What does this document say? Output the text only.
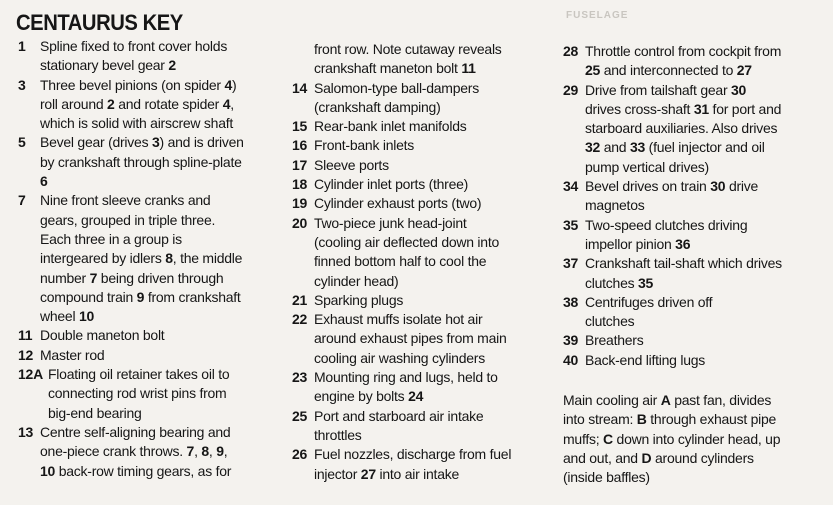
FUSELAGE
CENTAURUS KEY
1 Spline fixed to front cover holds
stationary bevel gear 2
3 Three bevel pinions (on spider 4)
roll around 2 and rotate spider 4,
which is solid with airscrew shaft
5 Bevel gear (drives 3) and is driven
by crankshaft through spline-plate
6
7 Nine front sleeve cranks and
gears, grouped in triple three.
Each three in a group is
intergeared by idlers 8, the middle
number 7 being driven through
compound train 9 from crankshaft
wheel 10
11 Double maneton bolt
12 Master rod
12A Floating oil retainer takes oil to
connecting rod wrist pins from
big-end bearing
13 Centre self-aligning bearing and
one-piece crank throws. 7, 8, 9,
10 back-row timing gears, as for
front row. Note cutaway reveals
crankshaft maneton bolt 11
14 Salomon-type ball-dampers
(crankshaft damping)
15 Rear-bank inlet manifolds
16 Front-bank inlets
17 Sleeve ports
18 Cylinder inlet ports (three)
19 Cylinder exhaust ports (two)
20 Two-piece junk head-joint
(cooling air deflected down into
finned bottom half to cool the
cylinder head)
21 Sparking plugs
22 Exhaust muffs isolate hot air
around exhaust pipes from main
cooling air washing cylinders
23 Mounting ring and lugs, held to
engine by bolts 24
25 Port and starboard air intake
throttles
26 Fuel nozzles, discharge from fuel
injector 27 into air intake
28 Throttle control from cockpit from
25 and interconnected to 27
29 Drive from tailshaft gear 30
drives cross-shaft 31 for port and
starboard auxiliaries. Also drives
32 and 33 (fuel injector and oil
pump vertical drives)
34 Bevel drives on train 30 drive
magnetos
35 Two-speed clutches driving
impellor pinion 36
37 Crankshaft tail-shaft which drives
clutches 35
38 Centrifuges driven off
clutches
39 Breathers
40 Back-end lifting lugs
Main cooling air A past fan, divides
into stream: B through exhaust pipe
muffs; C down into cylinder head, up
and out, and D around cylinders
(inside baffles)
